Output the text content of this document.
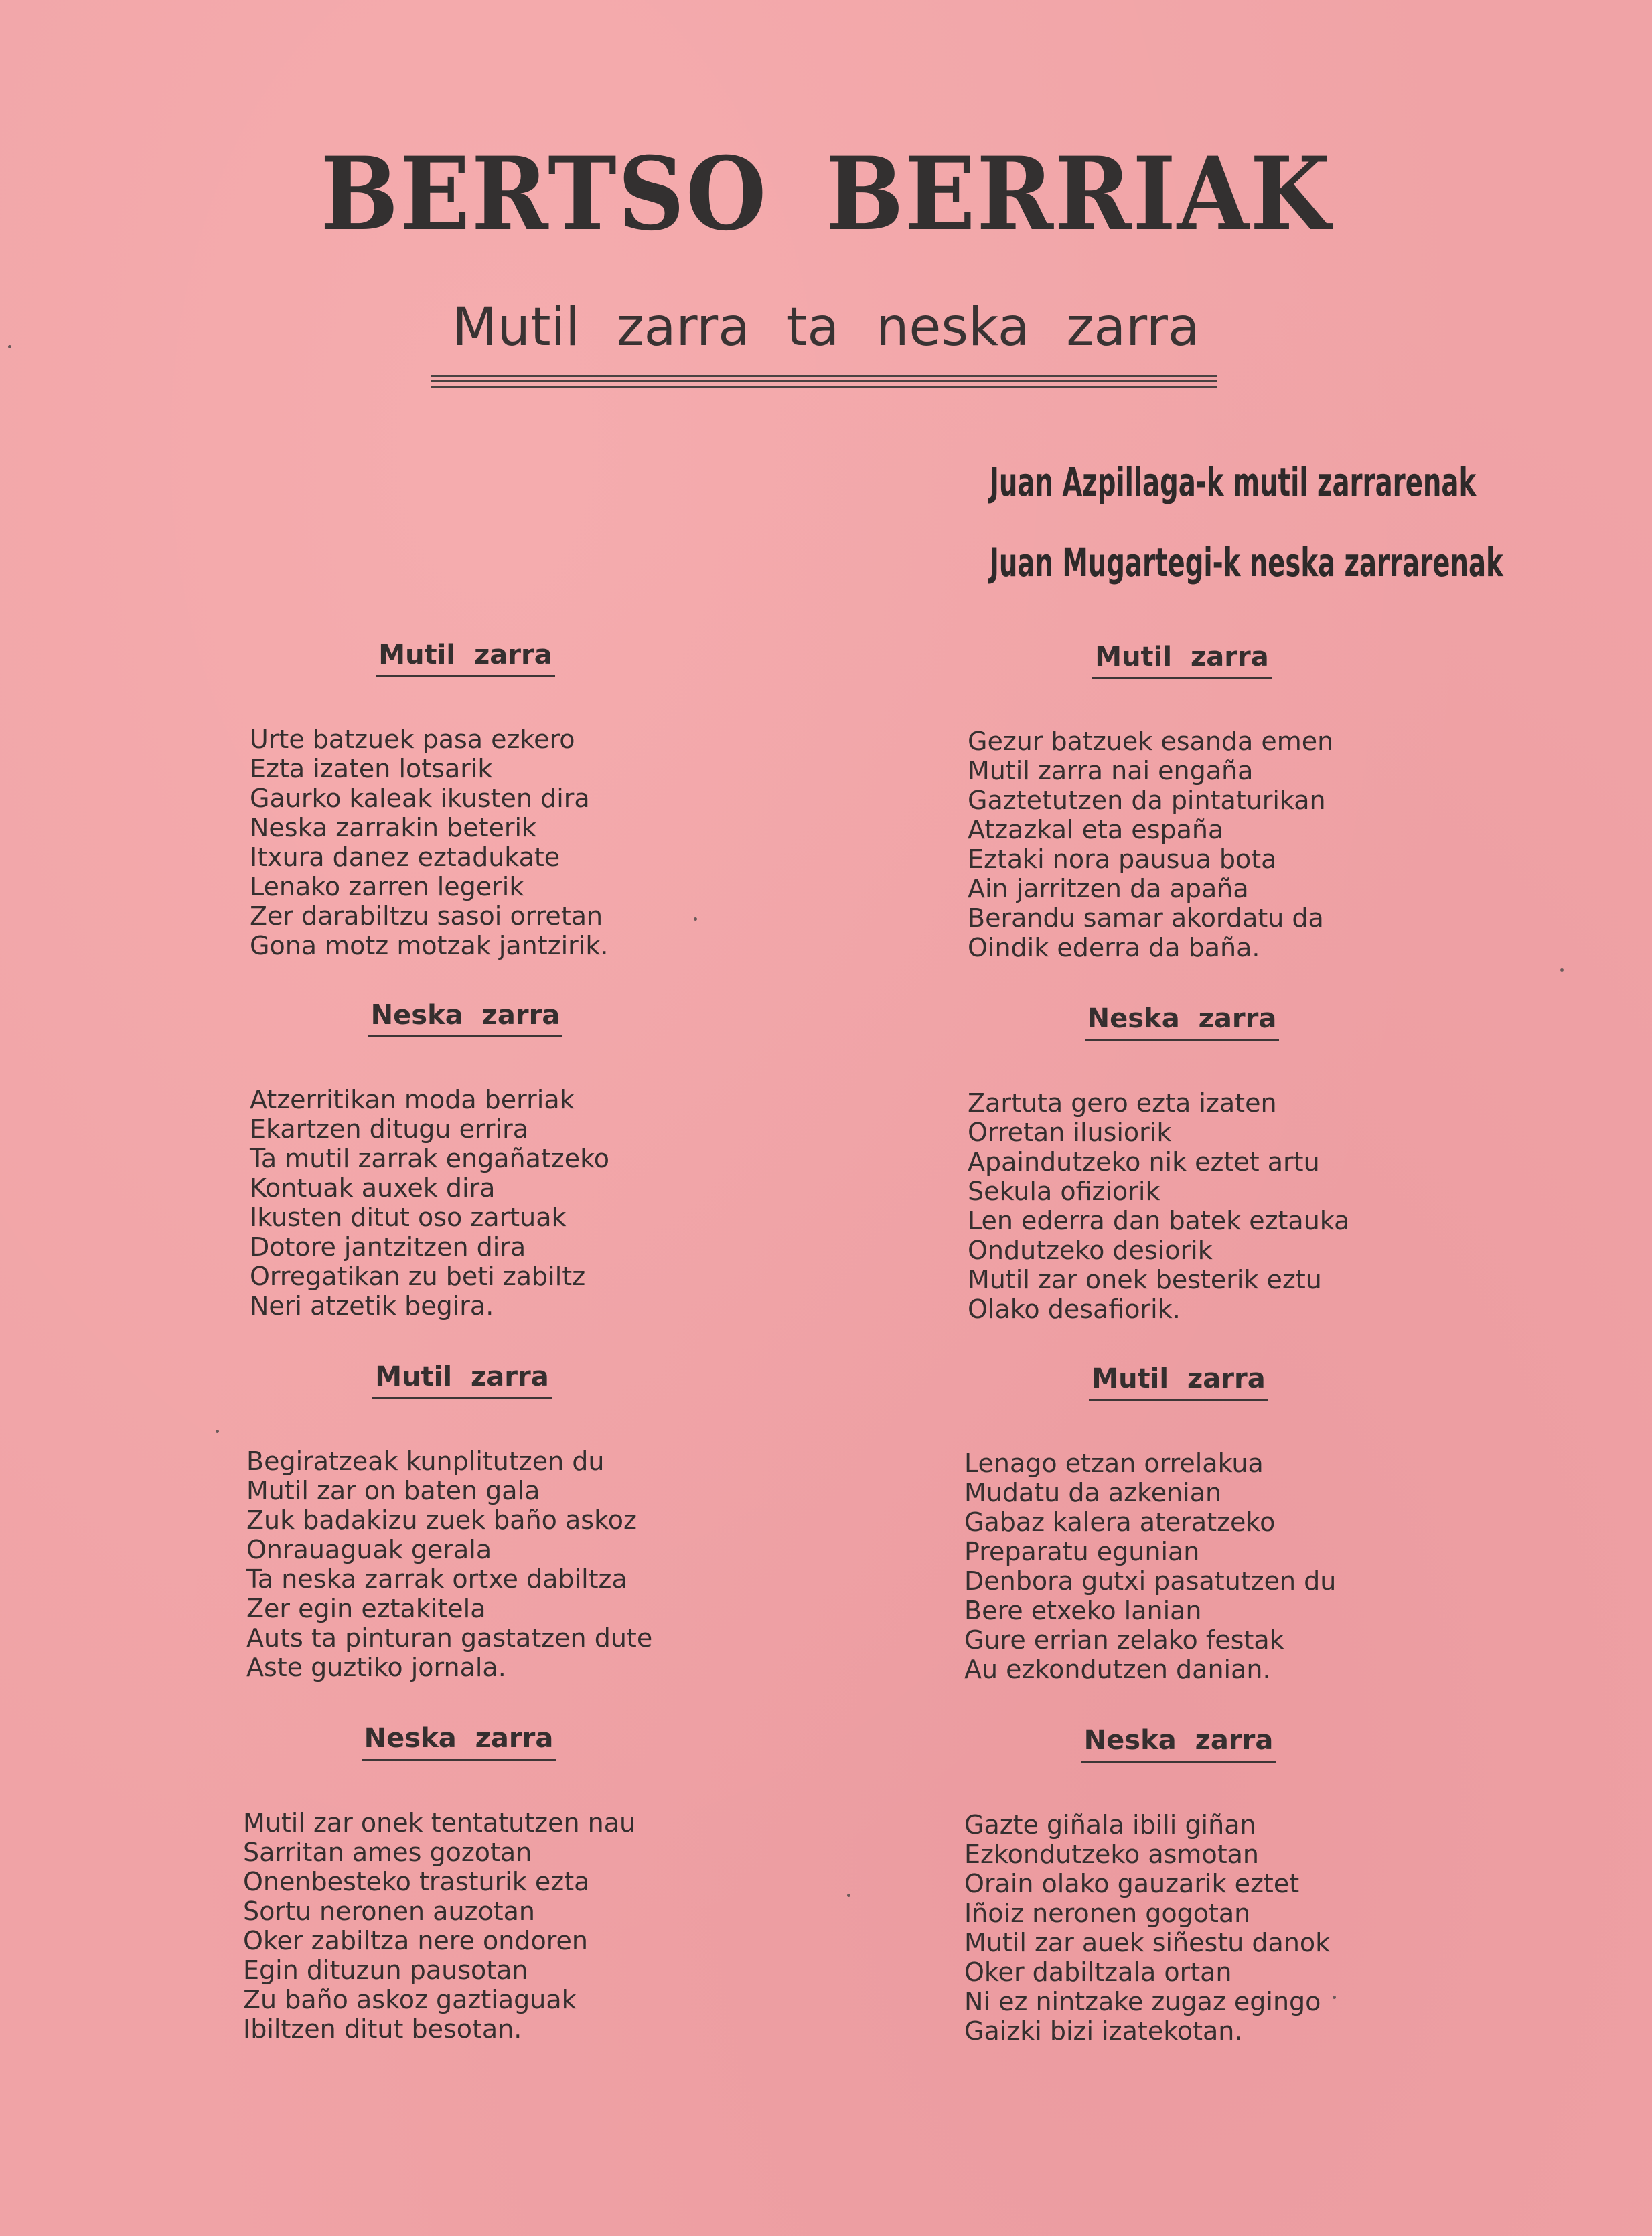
BERTSO BERRIAK
Mutil zarra ta neska zarra
Juan Azpillaga-k mutil zarrarenak
Juan Mugartegi-k neska zarrarenak
Mutil zarra
Urte batzuek pasa ezkero
Ezta izaten lotsarik
Gaurko kaleak ikusten dira
Neska zarrakin beterik
Itxura danez eztadukate
Lenako zarren legerik
Zer darabiltzu sasoi orretan
Gona motz motzak jantzirik.
Neska zarra
Atzerritikan moda berriak
Ekartzen ditugu errira
Ta mutil zarrak engañatzeko
Kontuak auxek dira
Ikusten ditut oso zartuak
Dotore jantzitzen dira
Orregatikan zu beti zabiltz
Neri atzetik begira.
Mutil zarra
Begiratzeak kunplitutzen du
Mutil zar on baten gala
Zuk badakizu zuek baño askoz
Onrauaguak gerala
Ta neska zarrak ortxe dabiltza
Zer egin eztakitela
Auts ta pinturan gastatzen dute
Aste guztiko jornala.
Neska zarra
Mutil zar onek tentatutzen nau
Sarritan ames gozotan
Onenbesteko trasturik ezta
Sortu neronen auzotan
Oker zabiltza nere ondoren
Egin dituzun pausotan
Zu baño askoz gaztiaguak
Ibiltzen ditut besotan.
Mutil zarra
Gezur batzuek esanda emen
Mutil zarra nai engaña
Gaztetutzen da pintaturikan
Atzazkal eta españa
Eztaki nora pausua bota
Ain jarritzen da apaña
Berandu samar akordatu da
Oindik ederra da baña.
Neska zarra
Zartuta gero ezta izaten
Orretan ilusiorik
Apaindutzeko nik eztet artu
Sekula ofiziorik
Len ederra dan batek eztauka
Ondutzeko desiorik
Mutil zar onek besterik eztu
Olako desafiorik.
Mutil zarra
Lenago etzan orrelakua
Mudatu da azkenian
Gabaz kalera ateratzeko
Preparatu egunian
Denbora gutxi pasatutzen du
Bere etxeko lanian
Gure errian zelako festak
Au ezkondutzen danian.
Neska zarra
Gazte giñala ibili giñan
Ezkondutzeko asmotan
Orain olako gauzarik eztet
Iñoiz neronen gogotan
Mutil zar auek siñestu danok
Oker dabiltzala ortan
Ni ez nintzake zugaz egingo
Gaizki bizi izatekotan.
